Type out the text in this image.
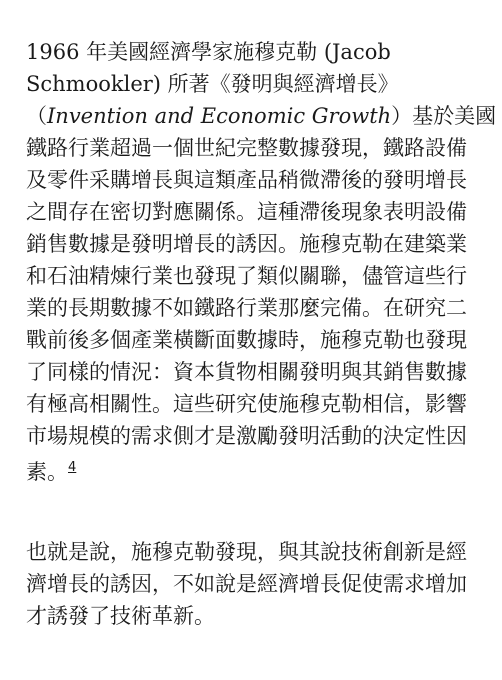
1966 年美國經濟學家施穆克勒 (Jacob
Schmookler) 所著《發明與經濟增長》
（Invention and Economic Growth）基於美國
鐵路行業超過一個世紀完整數據發現，鐵路設備
及零件采購增長與這類產品稍微滯後的發明增長
之間存在密切對應關係。這種滯後現象表明設備
銷售數據是發明增長的誘因。施穆克勒在建築業
和石油精煉行業也發現了類似關聯，儘管這些行
業的長期數據不如鐵路行業那麼完備。在研究二
戰前後多個產業橫斷面數據時，施穆克勒也發現
了同樣的情況：資本貨物相關發明與其銷售數據
有極高相關性。這些研究使施穆克勒相信，影響
市場規模的需求側才是激勵發明活動的決定性因
素。$^4$
也就是說，施穆克勒發現，與其說技術創新是經
濟增長的誘因，不如說是經濟增長促使需求增加
才誘發了技術革新。
